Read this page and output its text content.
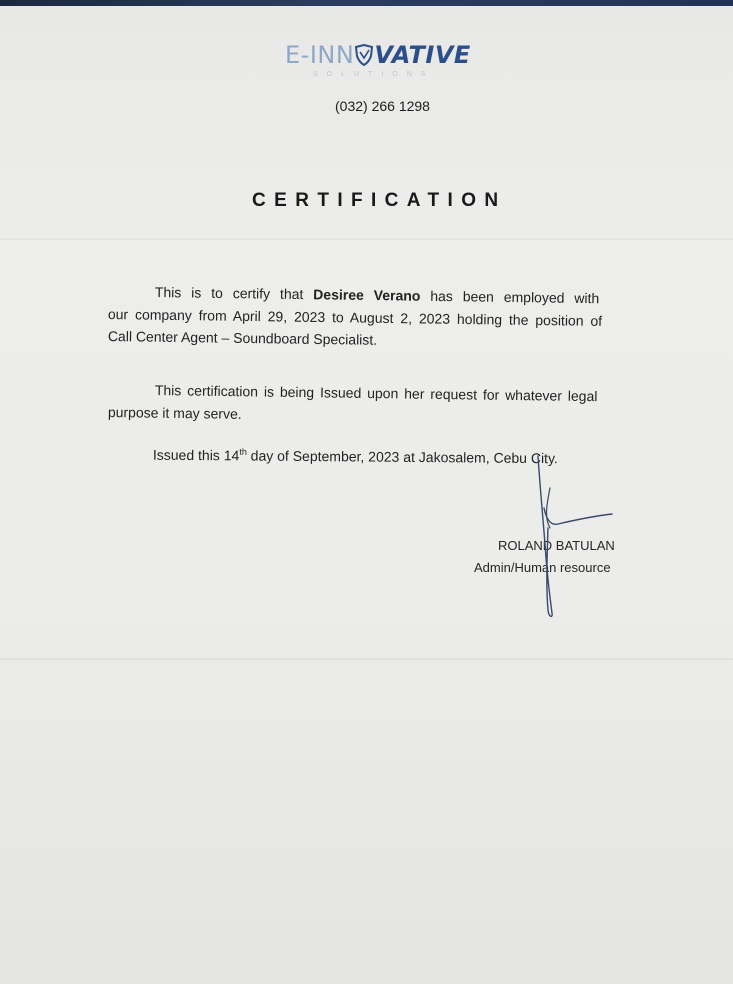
E-INN VATIVE
SOLUTIONS
(032) 266 1298
CERTIFICATION
This is to certify that Desiree Verano has been employed with
our company from April 29, 2023 to August 2, 2023 holding the position of
Call Center Agent – Soundboard Specialist.
This certification is being Issued upon her request for whatever legal
purpose it may serve.
Issued this 14th day of September, 2023 at Jakosalem, Cebu City.
ROLAND BATULAN
Admin/Human resource
